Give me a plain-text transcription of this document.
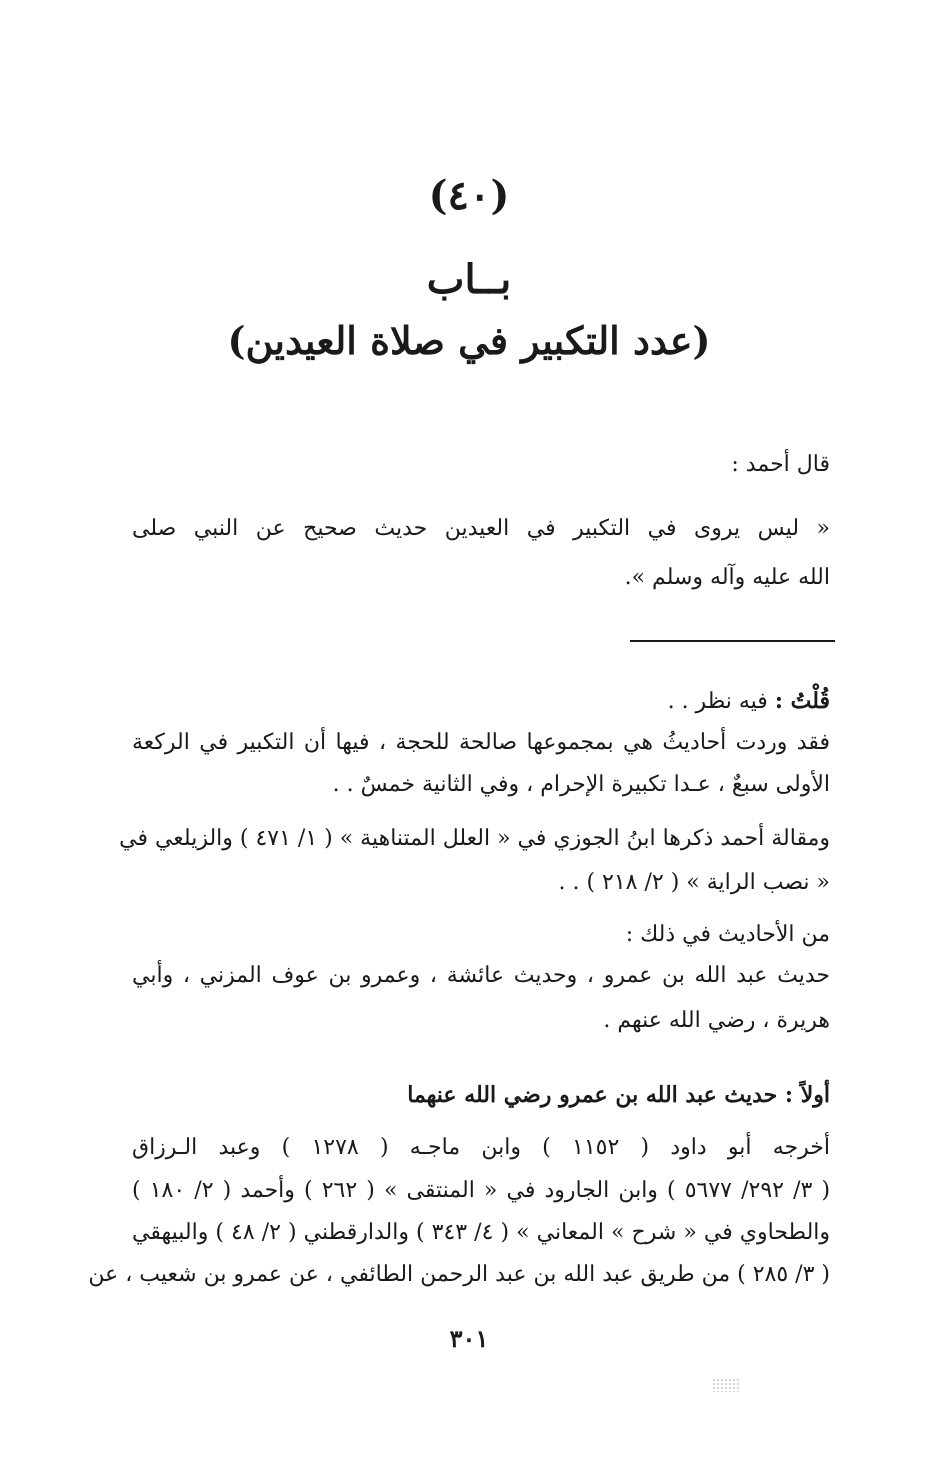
(٤٠)
بــاب
(عدد التكبير في صلاة العيدين)
قال أحمد :
« ليس يروى في التكبير في العيدين حديث صحيح عن النبي صلى
الله عليه وآله وسلم ».
قُلْتُ : فيه نظر . .
فقد وردت أحاديثُ هي بمجموعها صالحة للحجة ، فيها أن التكبير في الركعة
الأولى سبعٌ ، عـدا تكبيرة الإحرام ، وفي الثانية خمسٌ . .
ومقالة أحمد ذكرها ابنُ الجوزي في « العلل المتناهية » ( ١/ ٤٧١ ) والزيلعي في
« نصب الراية » ( ٢/ ٢١٨ ) . .
من الأحاديث في ذلك :
حديث عبد الله بن عمرو ، وحديث عائشة ، وعمرو بن عوف المزني ، وأبي
هريرة ، رضي الله عنهم .
أولاً : حديث عبد الله بن عمرو رضي الله عنهما
أخرجه أبو داود ( ١١٥٢ ) وابن ماجـه ( ١٢٧٨ ) وعبد الـرزاق
( ٣/ ٢٩٢/ ٥٦٧٧ ) وابن الجارود في « المنتقى » ( ٢٦٢ ) وأحمد ( ٢/ ١٨٠ )
والطحاوي في « شرح » المعاني » ( ٤/ ٣٤٣ ) والدارقطني ( ٢/ ٤٨ ) والبيهقي
( ٣/ ٢٨٥ ) من طريق عبد الله بن عبد الرحمن الطائفي ، عن عمرو بن شعيب ، عن
٣٠١
